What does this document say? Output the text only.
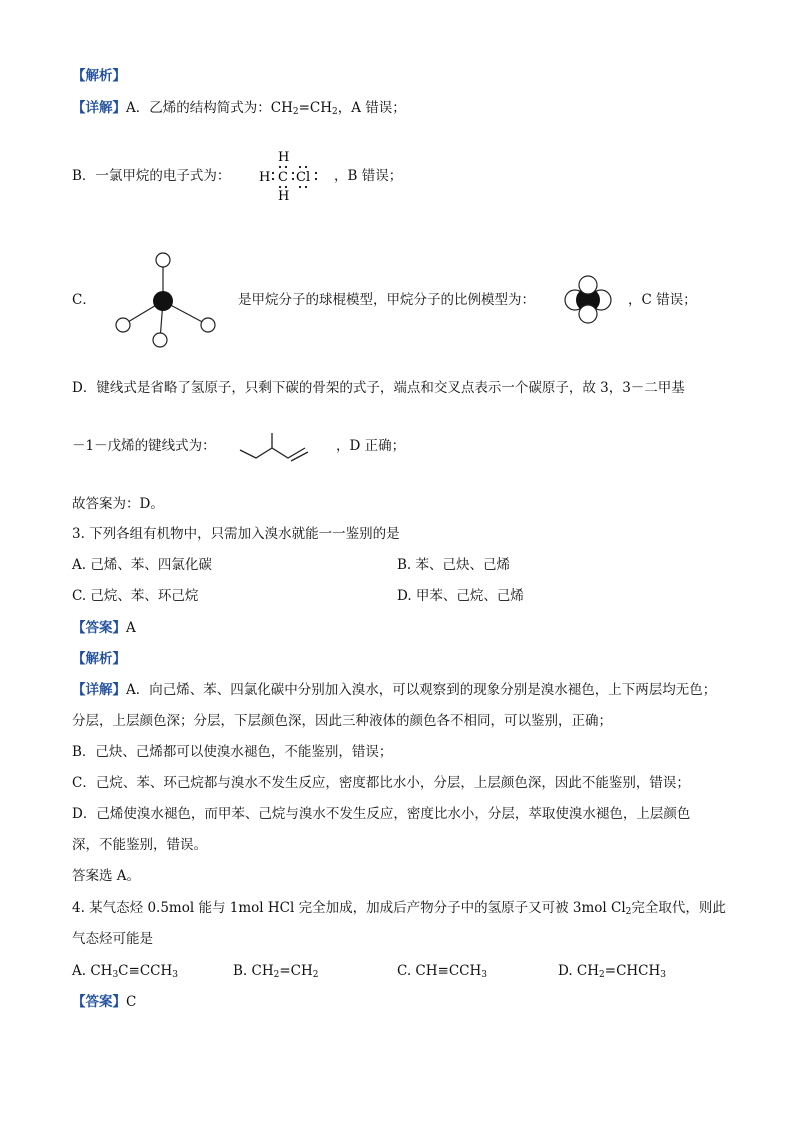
【解析】
【详解】A．乙烯的结构简式为：$CH_2=CH_2$，A 错误；
B．一氯甲烷的电子式为：
H
H C Cl
H
，B 错误；
C．	是甲烷分子的球棍模型，甲烷分子的比例模型为：	，C 错误；
D．键线式是省略了氢原子，只剩下碳的骨架的式子，端点和交叉点表示一个碳原子，故 3，3－二甲基
－1－戊烯的键线式为：	，D 正确；
故答案为：D。
3. 下列各组有机物中，只需加入溴水就能一一鉴别的是
A. 己烯、苯、四氯化碳	B. 苯、己炔、己烯
C. 己烷、苯、环己烷	D. 甲苯、己烷、己烯
【答案】A
【解析】
【详解】A．向己烯、苯、四氯化碳中分别加入溴水，可以观察到的现象分别是溴水褪色，上下两层均无色；
分层，上层颜色深；分层，下层颜色深，因此三种液体的颜色各不相同，可以鉴别，正确；
B．己炔、己烯都可以使溴水褪色，不能鉴别，错误；
C．己烷、苯、环己烷都与溴水不发生反应，密度都比水小，分层，上层颜色深，因此不能鉴别，错误；
D．己烯使溴水褪色，而甲苯、己烷与溴水不发生反应，密度比水小，分层，萃取使溴水褪色，上层颜色
深，不能鉴别，错误。
答案选 A。
4. 某气态烃 0.5mol 能与 1mol HCl 完全加成，加成后产物分子中的氢原子又可被 3mol $Cl_2$完全取代，则此
气态烃可能是
A. $CH_3C\equiv CCH_3$	B. $CH_2=CH_2$	C. $CH\equiv CCH_3$	D. $CH_2=CHCH_3$
【答案】C
